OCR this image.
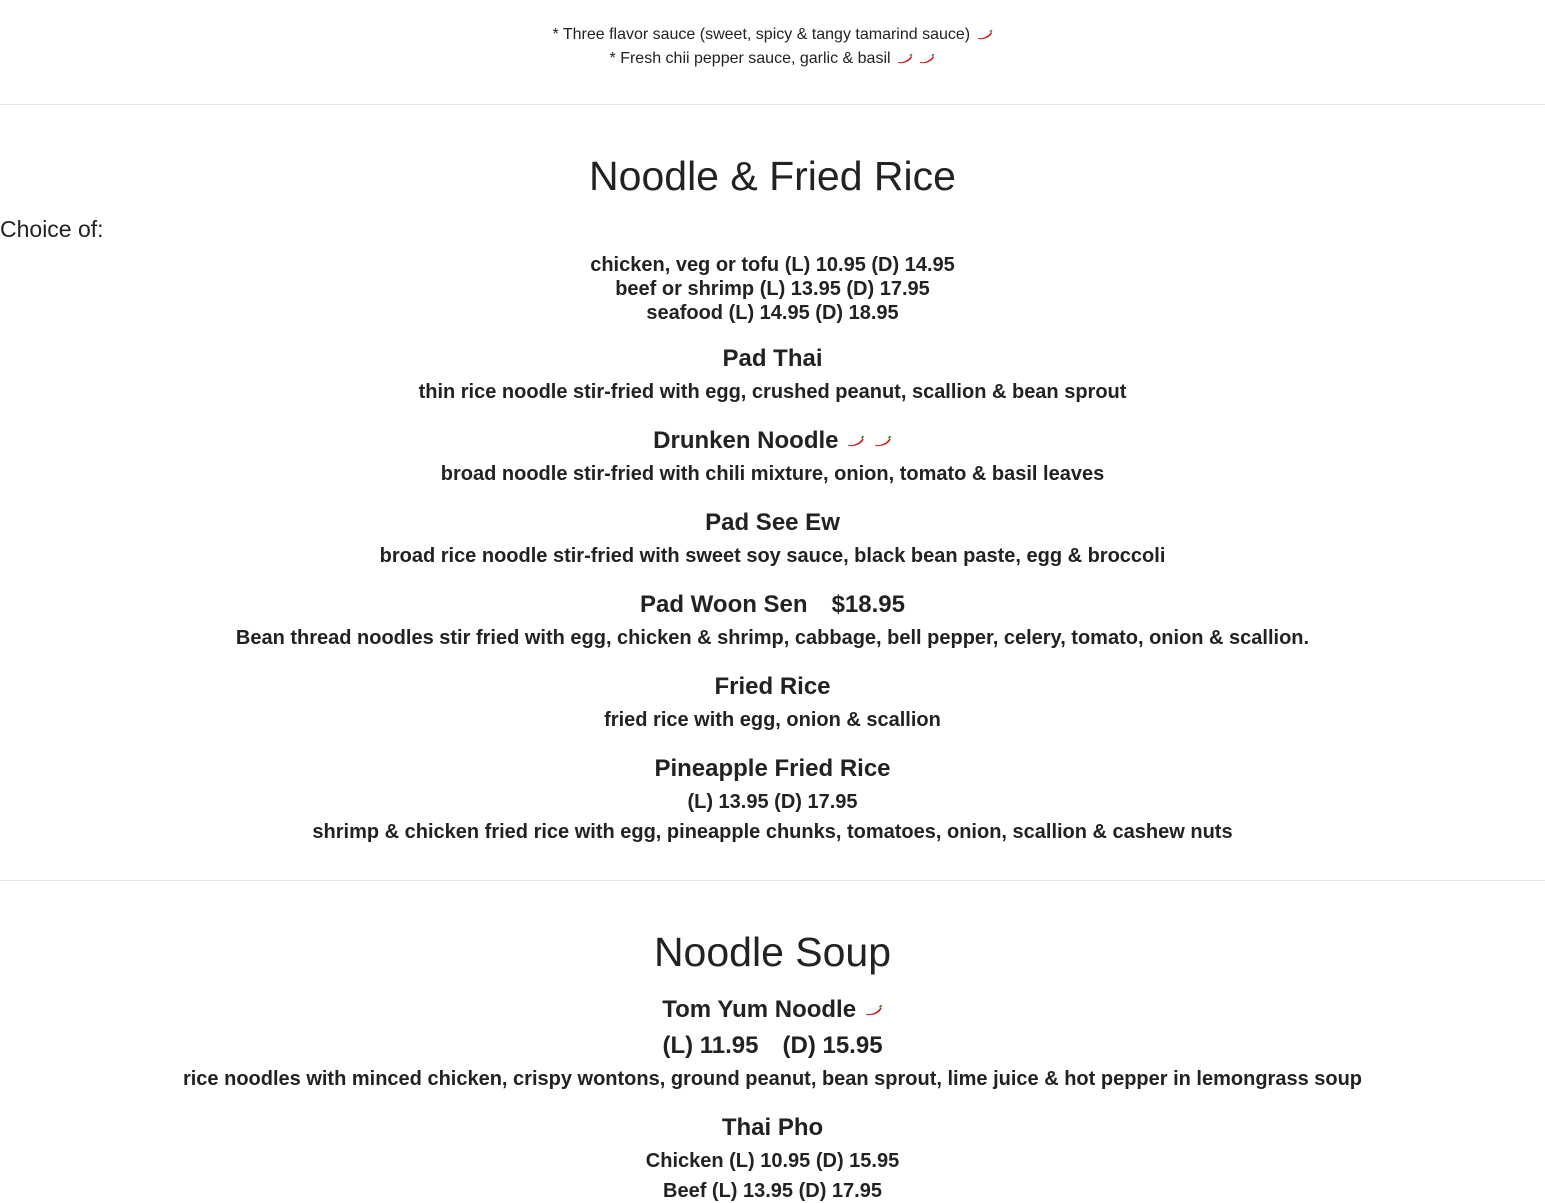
* Three flavor sauce (sweet, spicy & tangy tamarind sauce)
* Fresh chii pepper sauce, garlic & basil
Noodle & Fried Rice
Choice of:
chicken, veg or tofu (L) 10.95 (D) 14.95
beef or shrimp (L) 13.95 (D) 17.95
seafood (L) 14.95 (D) 18.95
Pad Thai
thin rice noodle stir-fried with egg, crushed peanut, scallion & bean sprout
Drunken Noodle
broad noodle stir-fried with chili mixture, onion, tomato & basil leaves
Pad See Ew
broad rice noodle stir-fried with sweet soy sauce, black bean paste, egg & broccoli
Pad Woon Sen $18.95
Bean thread noodles stir fried with egg, chicken & shrimp, cabbage, bell pepper, celery, tomato, onion & scallion.
Fried Rice
fried rice with egg, onion & scallion
Pineapple Fried Rice
(L) 13.95 (D) 17.95
shrimp & chicken fried rice with egg, pineapple chunks, tomatoes, onion, scallion & cashew nuts
Noodle Soup
Tom Yum Noodle
(L) 11.95 (D) 15.95
rice noodles with minced chicken, crispy wontons, ground peanut, bean sprout, lime juice & hot pepper in lemongrass soup
Thai Pho
Chicken (L) 10.95 (D) 15.95
Beef (L) 13.95 (D) 17.95
